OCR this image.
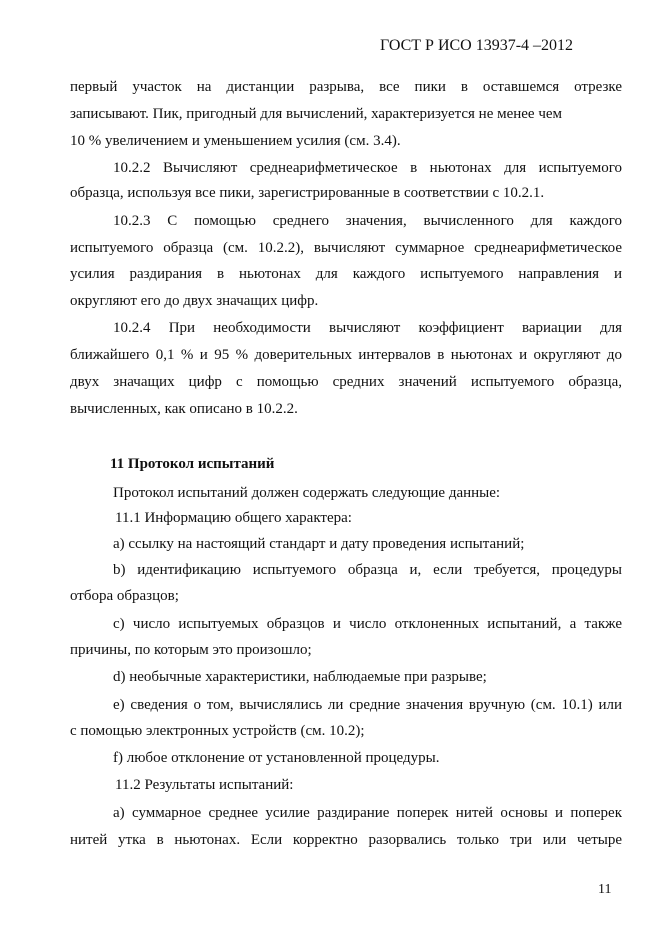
ГОСТ Р ИСО 13937-4 –2012
первый участок на дистанции разрыва, все пики в оставшемся отрезке
записывают. Пик, пригодный для вычислений, характеризуется не менее чем
10 % увеличением и уменьшением усилия (см. 3.4).
10.2.2 Вычисляют среднеарифметическое в ньютонах для испытуемого
образца, используя все пики, зарегистрированные в соответствии с 10.2.1.
10.2.3 С помощью среднего значения, вычисленного для каждого
испытуемого образца (см. 10.2.2), вычисляют суммарное среднеарифметическое
усилия раздирания в ньютонах для каждого испытуемого направления и
округляют его до двух значащих цифр.
10.2.4 При необходимости вычисляют коэффициент вариации для
ближайшего 0,1 % и 95 % доверительных интервалов в ньютонах и округляют до
двух значащих цифр с помощью средних значений испытуемого образца,
вычисленных, как описано в 10.2.2.
11 Протокол испытаний
Протокол испытаний должен содержать следующие данные:
11.1 Информацию общего характера:
а) ссылку на настоящий стандарт и дату проведения испытаний;
b) идентификацию испытуемого образца и, если требуется, процедуры
отбора образцов;
c) число испытуемых образцов и число отклоненных испытаний, а также
причины, по которым это произошло;
d) необычные характеристики, наблюдаемые при разрыве;
e) сведения о том, вычислялись ли средние значения вручную (см. 10.1) или
с помощью электронных устройств (см. 10.2);
f) любое отклонение от установленной процедуры.
11.2 Результаты испытаний:
а) суммарное среднее усилие раздирание поперек нитей основы и поперек
нитей утка в ньютонах. Если корректно разорвались только три или четыре
11
